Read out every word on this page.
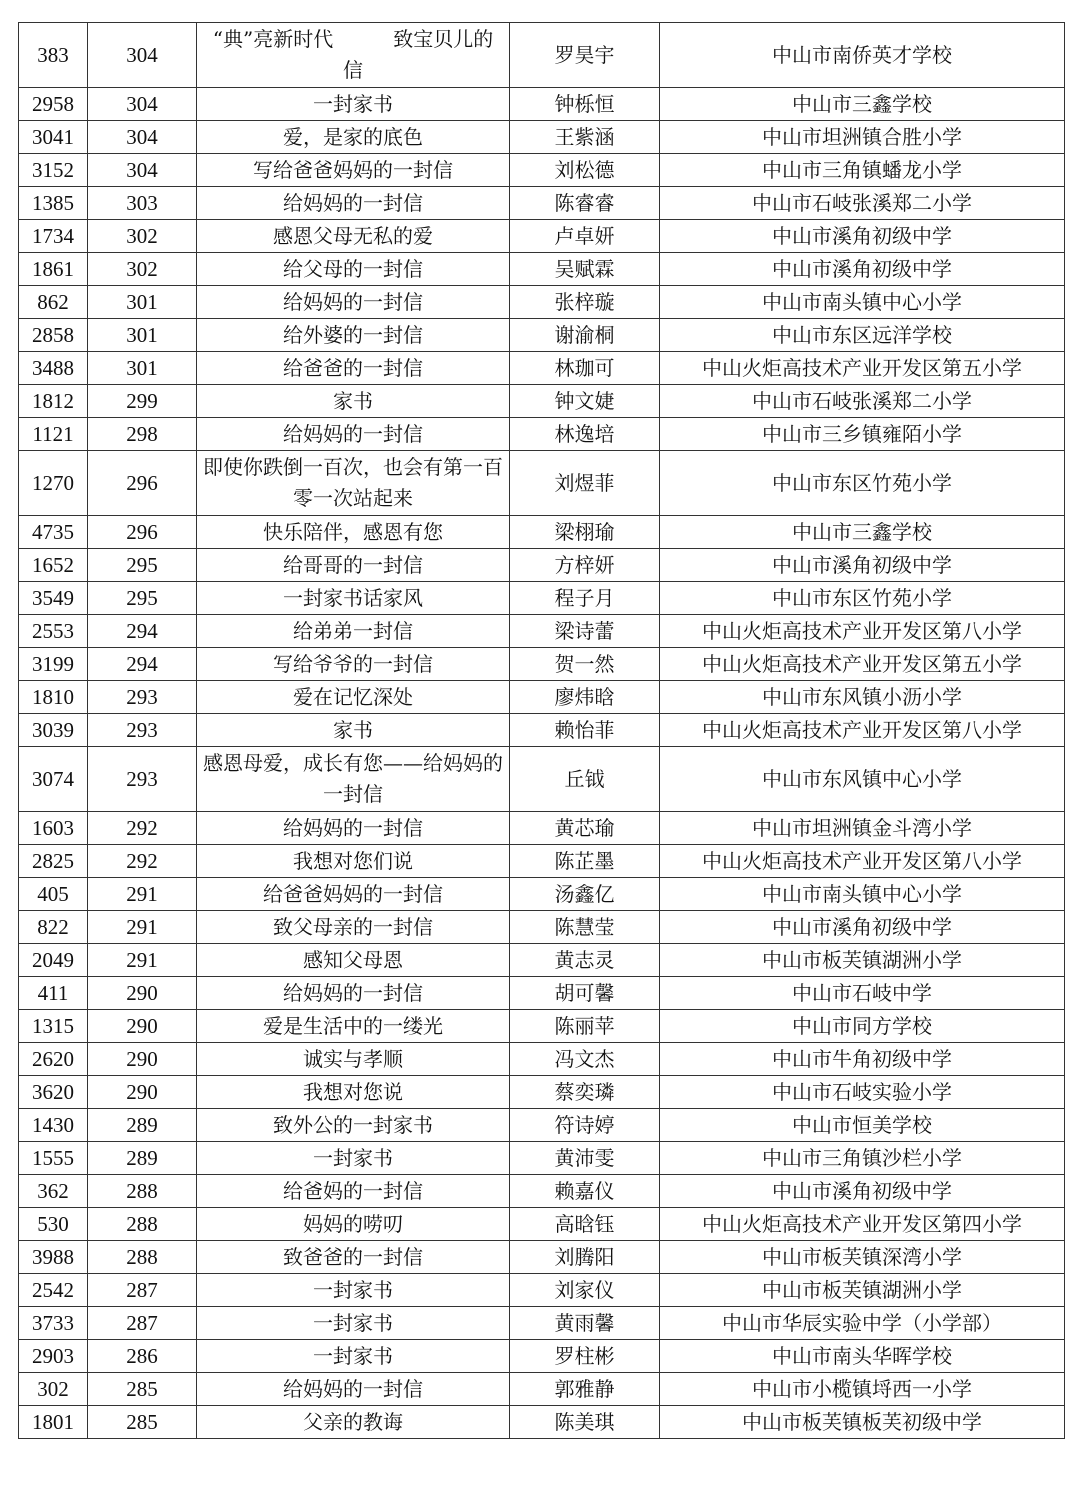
383	304	“典”亮新时代　　　致宝贝儿的信	罗昊宇	中山市南侨英才学校
2958	304	一封家书	钟栎恒	中山市三鑫学校
3041	304	爱，是家的底色	王紫涵	中山市坦洲镇合胜小学
3152	304	写给爸爸妈妈的一封信	刘松德	中山市三角镇蟠龙小学
1385	303	给妈妈的一封信	陈睿睿	中山市石岐张溪郑二小学
1734	302	感恩父母无私的爱	卢卓妍	中山市溪角初级中学
1861	302	给父母的一封信	吴赋霖	中山市溪角初级中学
862	301	给妈妈的一封信	张梓璇	中山市南头镇中心小学
2858	301	给外婆的一封信	谢渝桐	中山市东区远洋学校
3488	301	给爸爸的一封信	林珈可	中山火炬高技术产业开发区第五小学
1812	299	家书	钟文婕	中山市石岐张溪郑二小学
1121	298	给妈妈的一封信	林逸培	中山市三乡镇雍陌小学
1270	296	即使你跌倒一百次，也会有第一百零一次站起来	刘煜菲	中山市东区竹苑小学
4735	296	快乐陪伴，感恩有您	梁栩瑜	中山市三鑫学校
1652	295	给哥哥的一封信	方梓妍	中山市溪角初级中学
3549	295	一封家书话家风	程子月	中山市东区竹苑小学
2553	294	给弟弟一封信	梁诗蕾	中山火炬高技术产业开发区第八小学
3199	294	写给爷爷的一封信	贺一然	中山火炬高技术产业开发区第五小学
1810	293	爱在记忆深处	廖炜晗	中山市东风镇小沥小学
3039	293	家书	赖怡菲	中山火炬高技术产业开发区第八小学
3074	293	感恩母爱，成长有您——给妈妈的一封信	丘钺	中山市东风镇中心小学
1603	292	给妈妈的一封信	黄芯瑜	中山市坦洲镇金斗湾小学
2825	292	我想对您们说	陈芷墨	中山火炬高技术产业开发区第八小学
405	291	给爸爸妈妈的一封信	汤鑫亿	中山市南头镇中心小学
822	291	致父母亲的一封信	陈慧莹	中山市溪角初级中学
2049	291	感知父母恩	黄志灵	中山市板芙镇湖洲小学
411	290	给妈妈的一封信	胡可馨	中山市石岐中学
1315	290	爱是生活中的一缕光	陈丽苹	中山市同方学校
2620	290	诚实与孝顺	冯文杰	中山市牛角初级中学
3620	290	我想对您说	蔡奕璘	中山市石岐实验小学
1430	289	致外公的一封家书	符诗婷	中山市恒美学校
1555	289	一封家书	黄沛雯	中山市三角镇沙栏小学
362	288	给爸妈的一封信	赖嘉仪	中山市溪角初级中学
530	288	妈妈的唠叨	高晗钰	中山火炬高技术产业开发区第四小学
3988	288	致爸爸的一封信	刘腾阳	中山市板芙镇深湾小学
2542	287	一封家书	刘家仪	中山市板芙镇湖洲小学
3733	287	一封家书	黄雨馨	中山市华辰实验中学（小学部）
2903	286	一封家书	罗柱彬	中山市南头华晖学校
302	285	给妈妈的一封信	郭雅静	中山市小榄镇埒西一小学
1801	285	父亲的教诲	陈美琪	中山市板芙镇板芙初级中学
